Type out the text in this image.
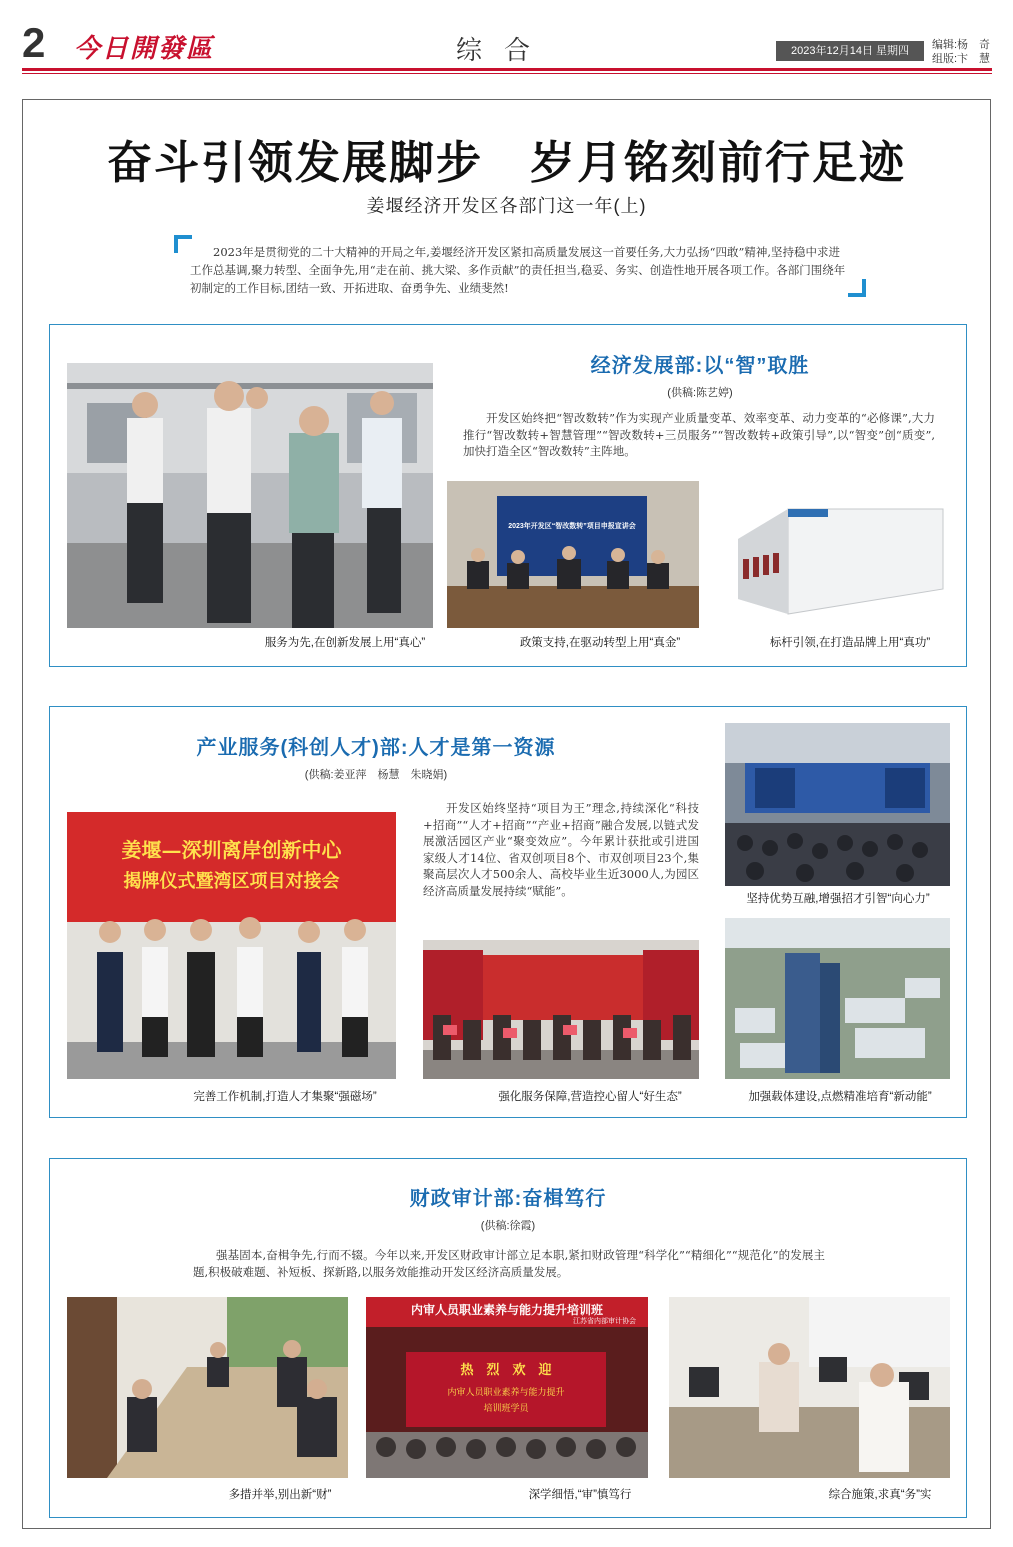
2 今日開發區	综合	2023年12月14日 星期四	编辑:杨　奇
组版:卞　慧
奋斗引领发展脚步　岁月铭刻前行足迹
姜堰经济开发区各部门这一年(上)
2023年是贯彻党的二十大精神的开局之年,姜堰经济开发区紧扣高质量发展这一首要任务,大力弘扬“四敢”精神,坚持稳中求进工作总基调,聚力转型、全面争先,用“走在前、挑大梁、多作贡献”的责任担当,稳妥、务实、创造性地开展各项工作。各部门围绕年初制定的工作目标,团结一致、开拓进取、奋勇争先、业绩斐然!
经济发展部:以“智”取胜
(供稿:陈艺婷)
开发区始终把“智改数转”作为实现产业质量变革、效率变革、动力变革的“必修课”,大力推行“智改数转+智慧管理”“智改数转+三员服务”“智改数转+政策引导”,以“智变”创“质变”,加快打造全区“智改数转”主阵地。
2023年开发区“智改数转”项目申报宣讲会
服务为先,在创新发展上用“真心”	政策支持,在驱动转型上用“真金”	标杆引领,在打造品牌上用“真功”
产业服务(科创人才)部:人才是第一资源
(供稿:姜亚萍　杨慧　朱晓娟)
开发区始终坚持“项目为王”理念,持续深化“科技+招商”“人才+招商”“产业+招商”融合发展,以链式发展激活园区产业“聚变效应”。今年累计获批或引进国家级人才14位、省双创项目8个、市双创项目23个,集聚高层次人才500余人、高校毕业生近3000人,为园区经济高质量发展持续“赋能”。
坚持优势互融,增强招才引智“向心力”
姜堰—深圳离岸创新中心
揭牌仪式暨湾区项目对接会
完善工作机制,打造人才集聚“强磁场”	强化服务保障,营造控心留人“好生态”	加强载体建设,点燃精准培育“新动能”
财政审计部:奋楫笃行
(供稿:徐霞)
强基固本,奋楫争先,行而不辍。今年以来,开发区财政审计部立足本职,紧扣财政管理“科学化”“精细化”“规范化”的发展主题,积极破难题、补短板、探新路,以服务效能推动开发区经济高质量发展。
多措并举,别出新“财”
内审人员职业素养与能力提升培训班
江苏省内部审计协会
热　烈　欢　迎
内审人员职业素养与能力提升
培训班学员
深学细悟,“审”慎笃行	综合施策,求真“务”实
